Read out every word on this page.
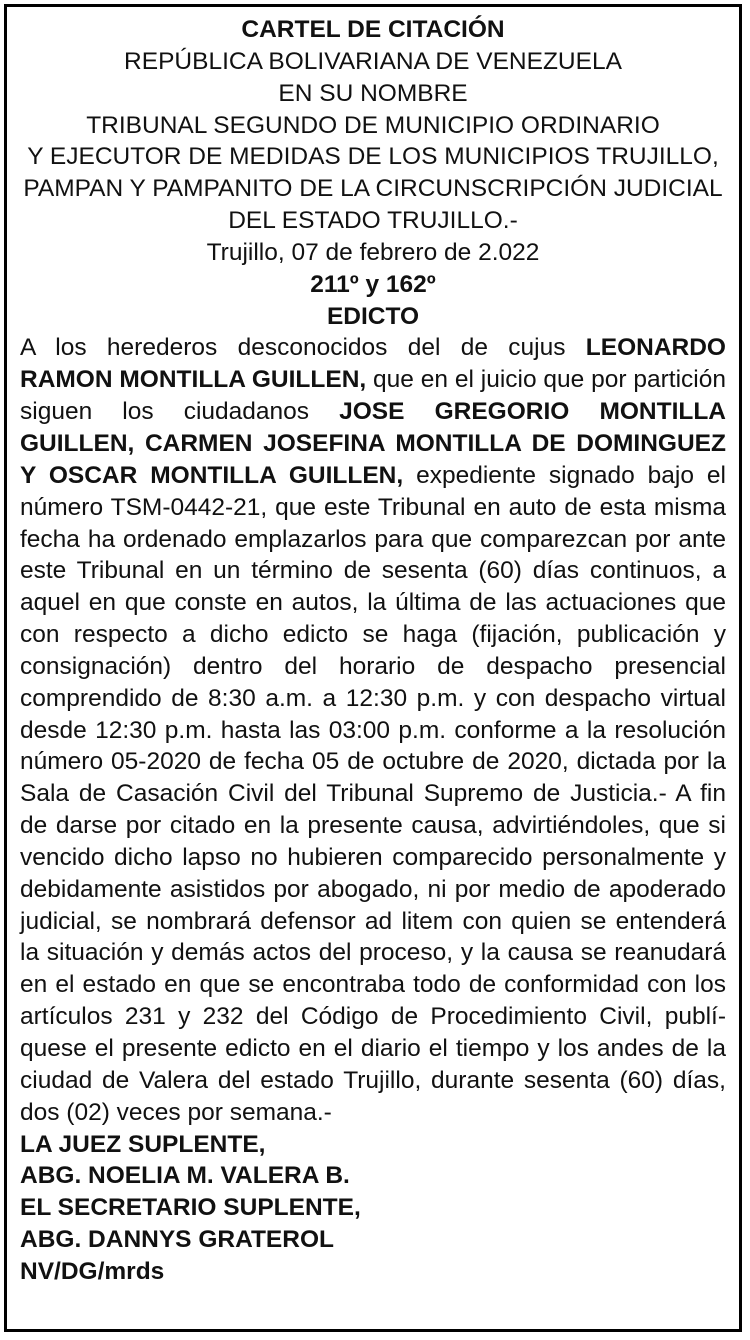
CARTEL DE CITACIÓN
REPÚBLICA BOLIVARIANA DE VENEZUELA
EN SU NOMBRE
TRIBUNAL SEGUNDO DE MUNICIPIO ORDINARIO
Y EJECUTOR DE MEDIDAS DE LOS MUNICIPIOS TRUJILLO,
PAMPAN Y PAMPANITO DE LA CIRCUNSCRIPCIÓN JUDICIAL
DEL ESTADO TRUJILLO.-
Trujillo, 07 de febrero de 2.022
211º y 162º
EDICTO
A los herederos desconocidos del de cujus LEONARDO RAMON MONTILLA GUILLEN, que en el juicio que por partición siguen los ciudadanos JOSE GREGORIO MONTILLA GUILLEN, CARMEN JOSEFINA MONTILLA DE DOMINGUEZ Y OSCAR MONTILLA GUILLEN, expediente signado bajo el número TSM-0442-21, que este Tribunal en auto de esta misma fecha ha ordenado emplazarlos para que comparezcan por ante este Tribunal en un término de sesenta (60) días continuos, a aquel en que conste en autos, la última de las actuaciones que con respecto a dicho edicto se haga (fijación, publicación y consignación) dentro del horario de despacho presencial comprendido de 8:30 a.m. a 12:30 p.m. y con despacho virtual desde 12:30 p.m. hasta las 03:00 p.m. conforme a la resolución número 05-2020 de fecha 05 de octubre de 2020, dictada por la Sala de Casación Civil del Tribunal Supremo de Justicia.- A fin de darse por citado en la presente causa, advirtiéndoles, que si vencido dicho lapso no hubieren comparecido personalmente y debidamente asistidos por abogado, ni por medio de apoderado judicial, se nombrará defensor ad litem con quien se entenderá la situación y demás actos del proceso, y la causa se reanudará en el estado en que se encontraba todo de conformidad con los artículos 231 y 232 del Código de Procedimiento Civil, publíquese el presente edicto en el diario el tiempo y los andes de la ciudad de Valera del estado Trujillo, durante sesenta (60) días, dos (02) veces por semana.-
LA JUEZ SUPLENTE,
ABG. NOELIA M. VALERA B.
EL SECRETARIO SUPLENTE,
ABG. DANNYS GRATEROL
NV/DG/mrds
